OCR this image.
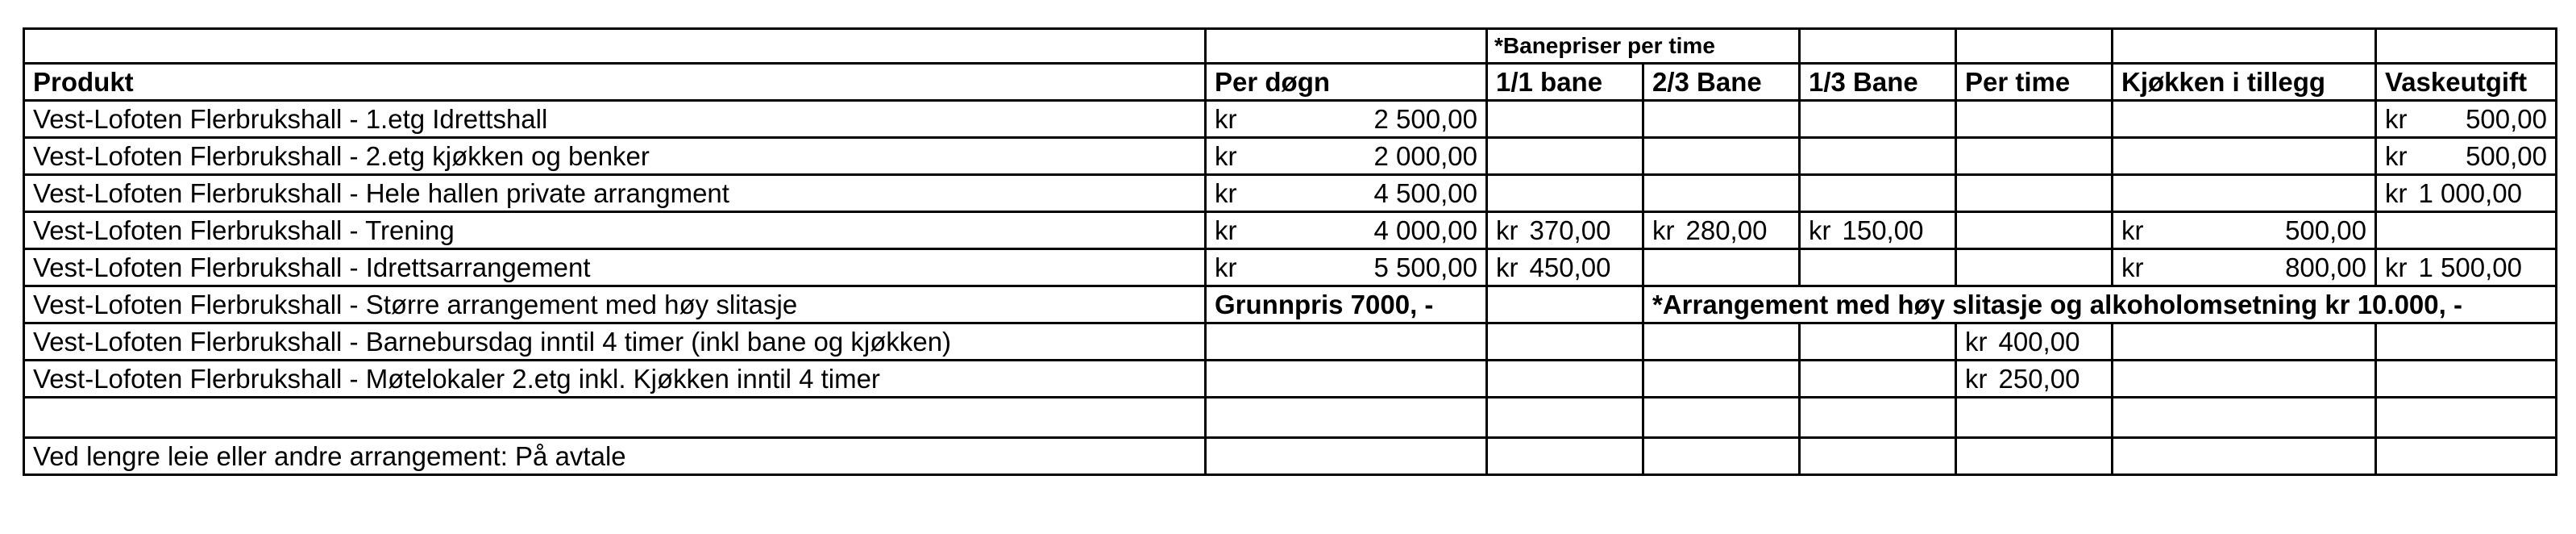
		*Banepriser per time					
Produkt	Per døgn	1/1 bane	2/3 Bane	1/3 Bane	Per time	Kjøkken i tillegg	Vaskeutgift
Vest-Lofoten Flerbrukshall - 1.etg Idrettshall	kr 2 500,00						kr 500,00

Vest-Lofoten Flerbrukshall - 2.etg kjøkken og benker	kr 2 000,00						kr 500,00

Vest-Lofoten Flerbrukshall - Hele hallen private arrangment	kr 4 500,00						kr 1 000,00

Vest-Lofoten Flerbrukshall - Trening	kr 4 000,00	kr 370,00	kr 280,00	kr 150,00		kr 500,00	

Vest-Lofoten Flerbrukshall - Idrettsarrangement	kr 5 500,00	kr 450,00				kr 800,00	kr 1 500,00

Vest-Lofoten Flerbrukshall - Større arrangement med høy slitasje	Grunnpris 7000, -		*Arrangement med høy slitasje og alkoholomsetning kr 10.000, -				
Vest-Lofoten Flerbrukshall - Barnebursdag inntil 4 timer (inkl bane og kjøkken)					kr 400,00		

Vest-Lofoten Flerbrukshall - Møtelokaler 2.etg inkl. Kjøkken inntil 4 timer					kr 250,00		

Ved lengre leie eller andre arrangement: På avtale							
